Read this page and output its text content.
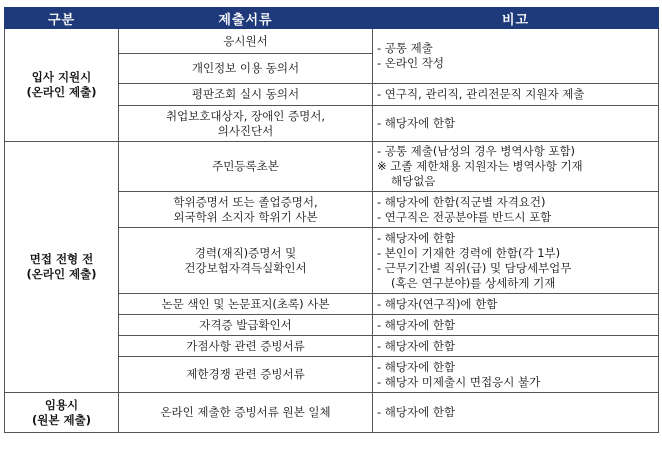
구분	제출서류	비고

입사 지원시
(온라인 제출)	응시원서	- 공통 제출
- 온라인 작성

	개인정보 이용 동의서	

	평판조회 실시 동의서	- 연구직, 관리직, 관리전문직 지원자 제출

	취업보호대상자, 장애인 증명서,
의사진단서	- 해당자에 한함

면접 전형 전
(온라인 제출)	주민등록초본	- 공통 제출(남성의 경우 병역사항 포함)
※ 고졸 제한채용 지원자는 병역사항 기재
해당없음

	학위증명서 또는 졸업증명서,
외국학위 소지자 학위기 사본	- 해당자에 한함(직군별 자격요건)
- 연구직은 전공분야를 반드시 포함

	경력(재직)증명서 및
건강보험자격득실확인서	- 해당자에 한함
- 본인이 기재한 경력에 한함(각 1부)
- 근무기간별 직위(급) 및 담당세부업무
(혹은 연구분야)를 상세하게 기재

	논문 색인 및 논문표지(초록) 사본	- 해당자(연구직)에 한함

	자격증 발급확인서	- 해당자에 한함

	가점사항 관련 증빙서류	- 해당자에 한함

	제한경쟁 관련 증빙서류	- 해당자에 한함
- 해당자 미제출시 면접응시 불가

임용시
(원본 제출)	온라인 제출한 증빙서류 원본 일체	- 해당자에 한함
